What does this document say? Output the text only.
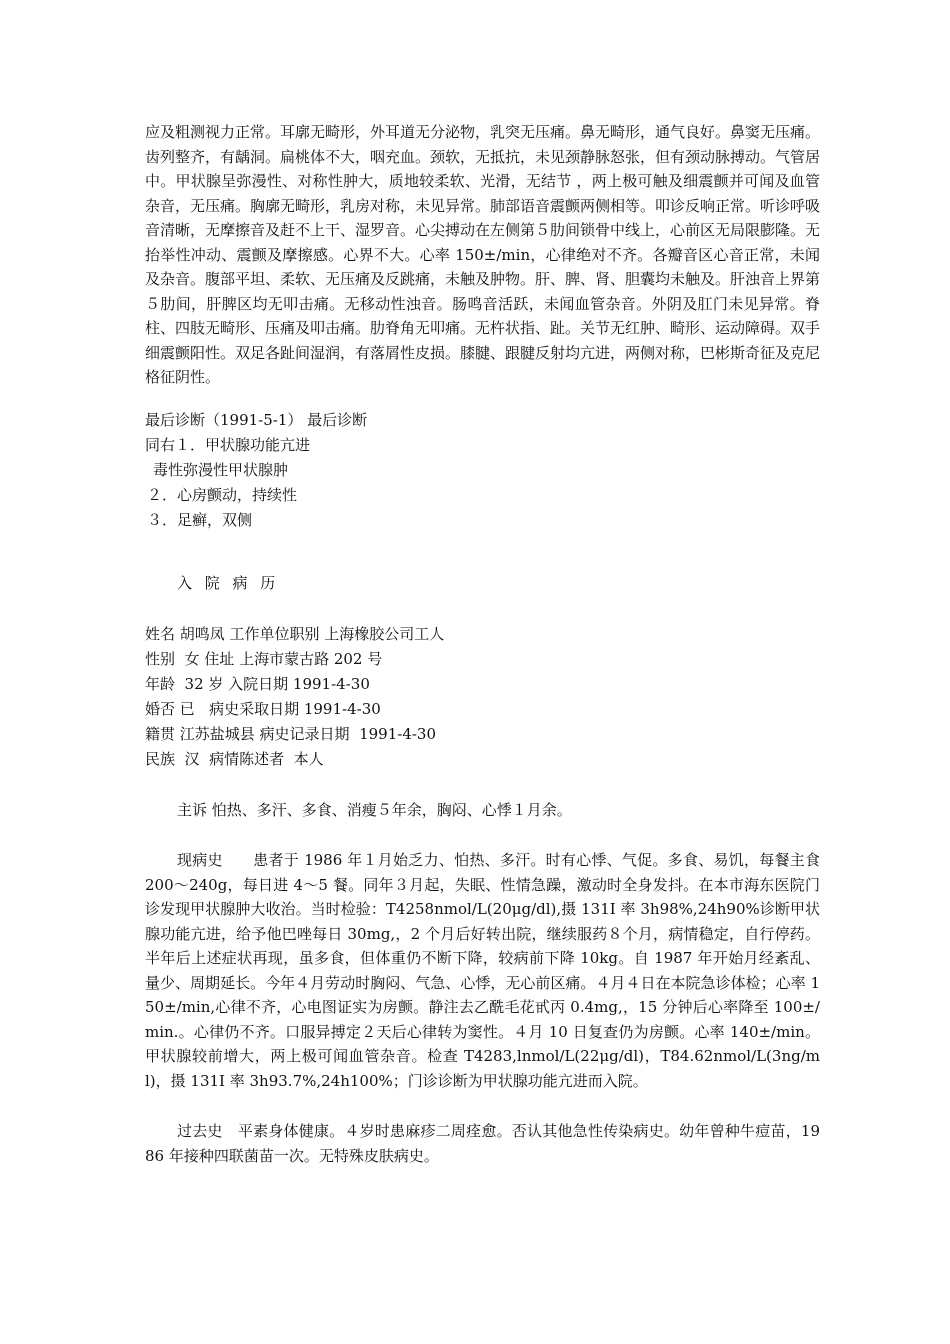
应及粗测视力正常。耳廓无畸形，外耳道无分泌物，乳突无压痛。鼻无畸形，通气良好。鼻窦无压痛。齿列整齐，有龋洞。扁桃体不大，咽充血。颈软，无抵抗，未见颈静脉怒张，但有颈动脉搏动。气管居中。甲状腺呈弥漫性、对称性肿大，质地较柔软、光滑，无结节 ，两上极可触及细震颤并可闻及血管杂音，无压痛。胸廓无畸形，乳房对称，未见异常。肺部语音震颤两侧相等。叩诊反响正常。听诊呼吸音清晰，无摩擦音及赶不上干、湿罗音。心尖搏动在左侧第５肋间锁骨中线上，心前区无局限膨隆。无抬举性冲动、震颤及摩擦感。心界不大。心率 150±/min，心律绝对不齐。各瓣音区心音正常，未闻及杂音。腹部平坦、柔软、无压痛及反跳痛，未触及肿物。肝、脾、肾、胆囊均未触及。肝浊音上界第５肋间，肝脾区均无叩击痛。无移动性浊音。肠鸣音活跃，未闻血管杂音。外阴及肛门未见异常。脊柱、四肢无畸形、压痛及叩击痛。肋脊角无叩痛。无杵状指、趾。关节无红肿、畸形、运动障碍。双手细震颤阳性。双足各趾间湿润，有落屑性皮损。膝腱、跟腱反射均亢进，两侧对称，巴彬斯奇征及克尼格征阴性。

最后诊断（1991-5-1） 最后诊断

同右１．甲状腺功能亢进

毒性弥漫性甲状腺肿

２．心房颤动，持续性

３．足癣，双侧

入 院 病 历

姓名 胡鸣凤 工作单位职别 上海橡胶公司工人

性别  女 住址 上海市蒙古路 202 号

年龄  32 岁 入院日期 1991-4-30

婚否 已   病史采取日期 1991-4-30

籍贯 江苏盐城县 病史记录日期  1991-4-30

民族  汉  病情陈述者  本人

主诉 怕热、多汗、多食、消瘦５年余，胸闷、心悸１月余。

现病史　　患者于 1986 年１月始乏力、怕热、多汗。时有心悸、气促。多食、易饥，每餐主食 200～240g，每日进 4～5 餐。同年３月起，失眠、性情急躁，激动时全身发抖。在本市海东医院门诊发现甲状腺肿大收治。当时检验：T4258nmol/L(20μg/dl),摄 131I 率 3h98%,24h90%诊断甲状腺功能亢进，给予他巴唑每日 30mg,，2 个月后好转出院，继续服药８个月，病情稳定，自行停药。半年后上述症状再现，虽多食，但体重仍不断下降，较病前下降 10kg。自 1987 年开始月经紊乱、量少、周期延长。今年４月劳动时胸闷、气急、心悸，无心前区痛。４月４日在本院急诊体检；心率 150±/min,心律不齐，心电图证实为房颤。静注去乙酰毛花甙丙 0.4mg,，15 分钟后心率降至 100±/min.。心律仍不齐。口服异搏定２天后心律转为窦性。４月 10 日复查仍为房颤。心率 140±/min。甲状腺较前增大，两上极可闻血管杂音。检查 T4283,lnmol/L(22μg/dl)，T84.62nmol/L(3ng/ml)，摄 131I 率 3h93.7%,24h100%；门诊诊断为甲状腺功能亢进而入院。

过去史　平素身体健康。４岁时患麻疹二周痊愈。否认其他急性传染病史。幼年曾种牛痘苗，1986 年接种四联菌苗一次。无特殊皮肤病史。
